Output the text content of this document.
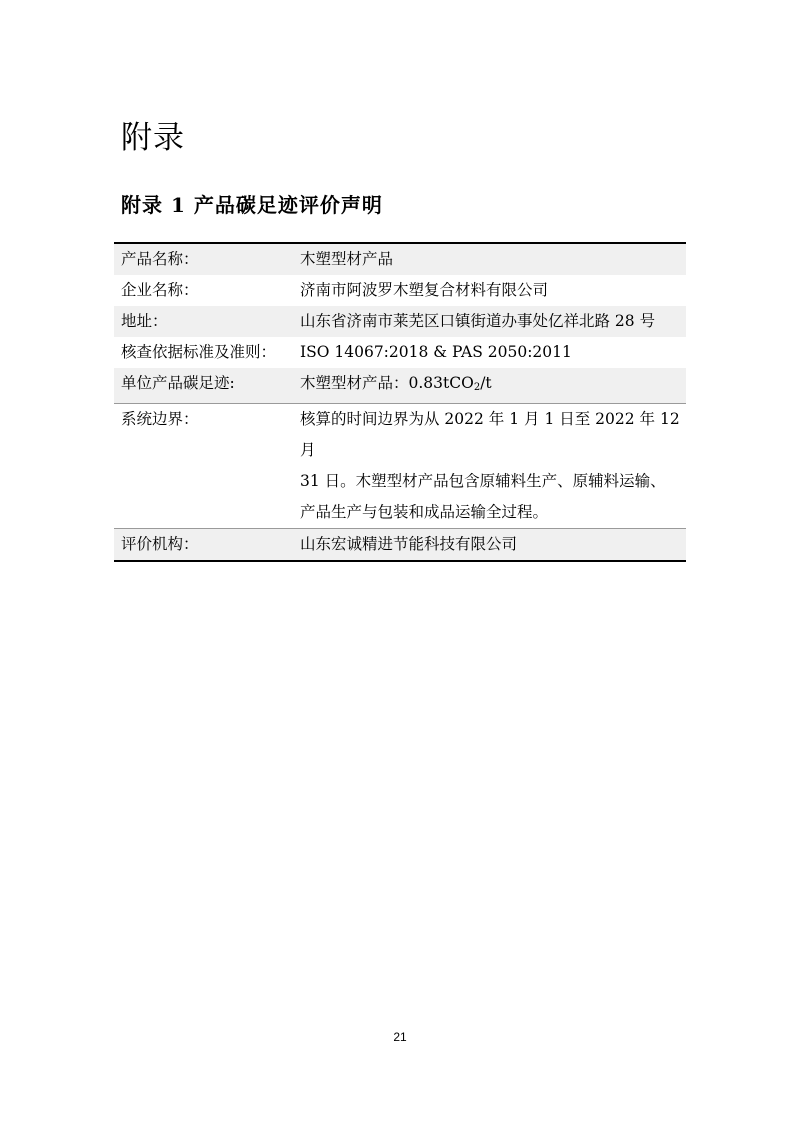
附录
附录 1 产品碳足迹评价声明
产品名称：	木塑型材产品
企业名称：	济南市阿波罗木塑复合材料有限公司
地址：	山东省济南市莱芜区口镇街道办事处亿祥北路 28 号
核查依据标准及准则：	ISO 14067:2018 & PAS 2050:2011
单位产品碳足迹:	木塑型材产品：0.83tCO$_2$/t
系统边界：	核算的时间边界为从 2022 年 1 月 1 日至 2022 年 12 月
31 日。木塑型材产品包含原辅料生产、原辅料运输、
产品生产与包装和成品运输全过程。

评价机构：	山东宏诚精进节能科技有限公司
21
